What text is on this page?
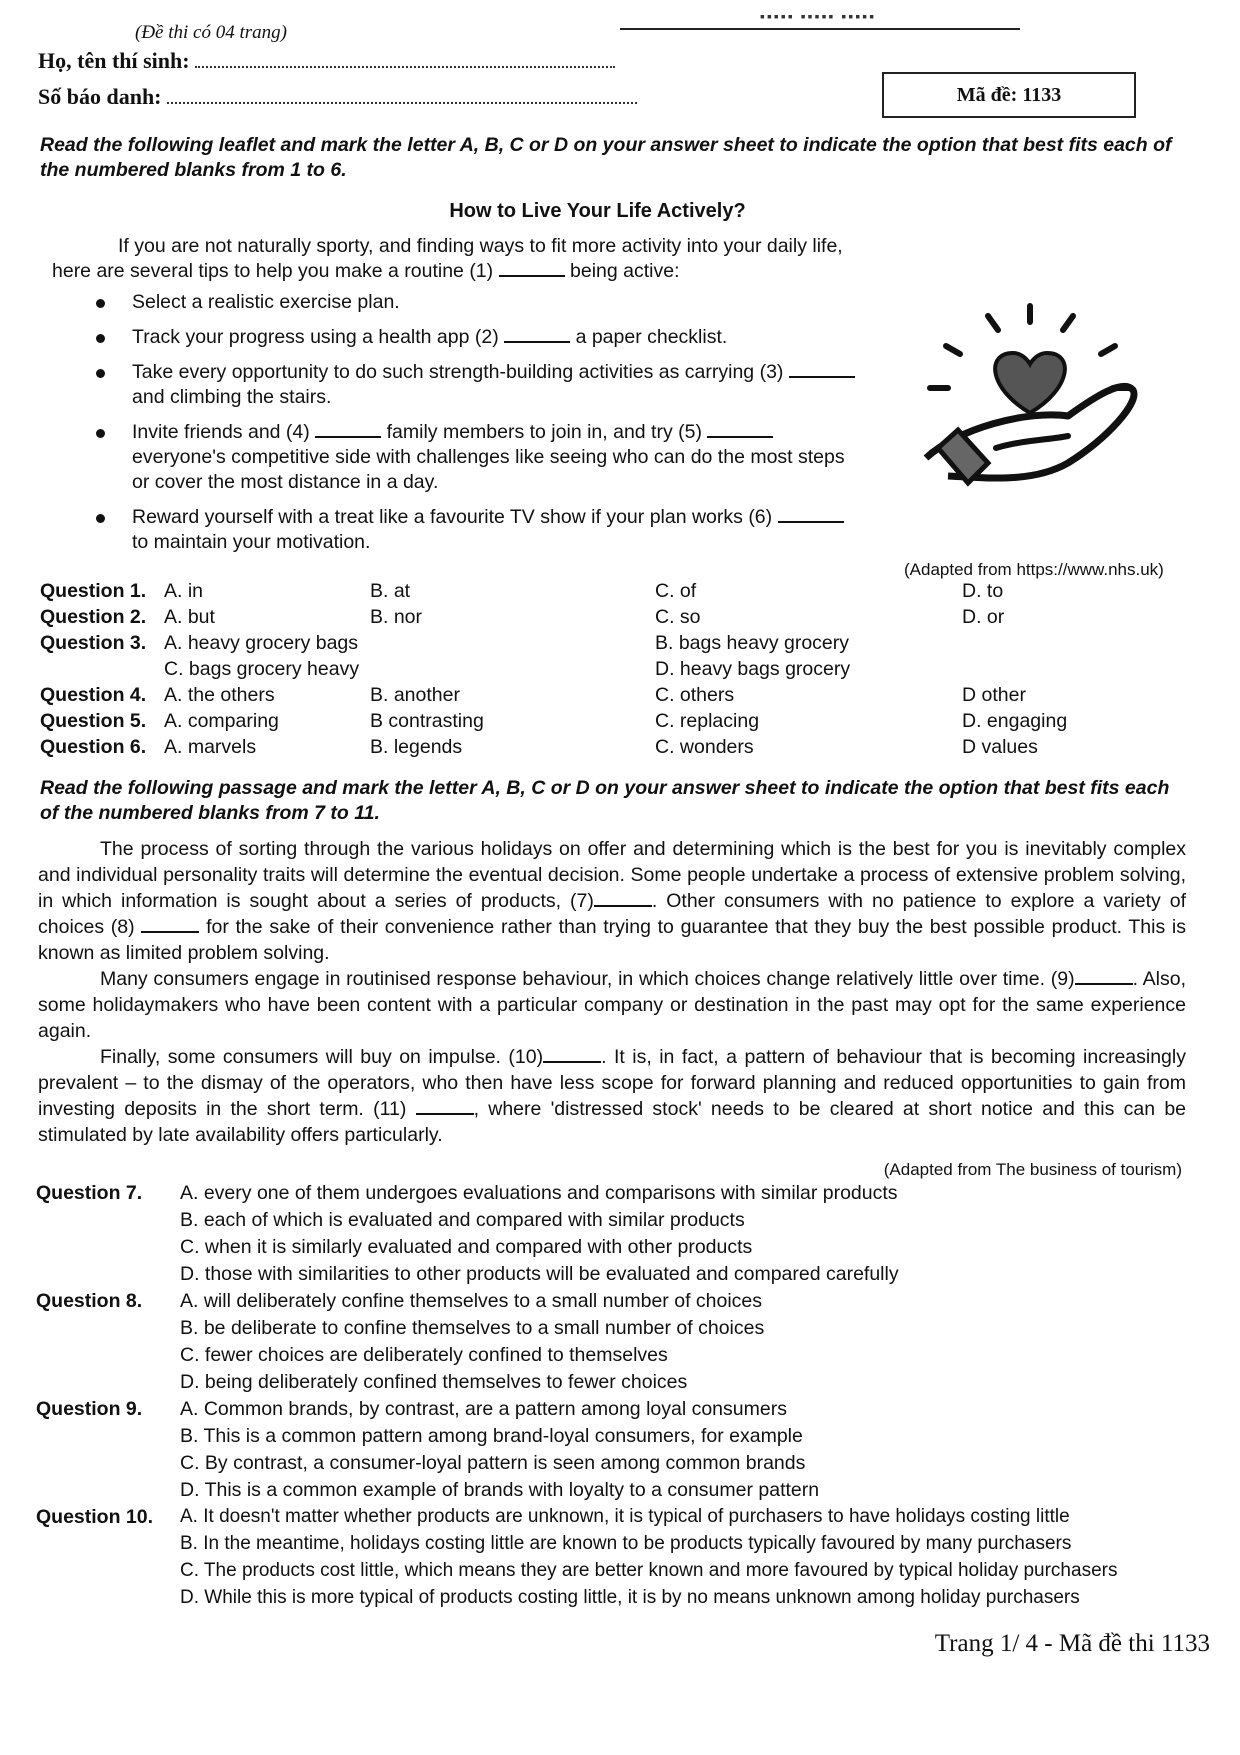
(Đề thi có 04 trang)
▪▪▪▪▪ ▪▪▪▪▪ ▪▪▪▪▪
Họ, tên thí sinh:
Số báo danh:	Mã đề: 1133
Read the following leaflet and mark the letter A, B, C or D on your answer sheet to indicate the option that best fits each of the numbered blanks from 1 to 6.
How to Live Your Life Actively?
If you are not naturally sporty, and finding ways to fit more activity into your daily life, here are several tips to help you make a routine (1)	being active:
Select a realistic exercise plan.
Track your progress using a health app (2)	a paper checklist.
Take every opportunity to do such strength-building activities as carrying (3)  and climbing the stairs.
Invite friends and (4)	family members to join in, and try (5)  everyone's competitive side with challenges like seeing who can do the most steps or cover the most distance in a day.
Reward yourself with a treat like a favourite TV show if your plan works (6)  to maintain your motivation.
(Adapted from https://www.nhs.uk)
Question 1. A. in	B. at	C. of	D. to
Question 2. A. but	B. nor	C. so	D. or
Question 3. A. heavy grocery bags	B. bags heavy grocery
C. bags grocery heavy	D. heavy bags grocery
Question 4. A. the others	B. another	C. others	D other
Question 5. A. comparing	B contrasting	C. replacing	D. engaging
Question 6. A. marvels	B. legends	C. wonders	D values
Read the following passage and mark the letter A, B, C or D on your answer sheet to indicate the option that best fits each of the numbered blanks from 7 to 11.

The process of sorting through the various holidays on offer and determining which is the best for you is inevitably complex and individual personality traits will determine the eventual decision. Some people undertake a process of extensive problem solving, in which information is sought about a series of products, (7)	. Other consumers with no patience to explore a variety of choices (8)	for the sake of their convenience rather than trying to guarantee that they buy the best possible product. This is known as limited problem solving.

Many consumers engage in routinised response behaviour, in which choices change relatively little over time. (9)	. Also, some holidaymakers who have been content with a particular company or destination in the past may opt for the same experience again.

Finally, some consumers will buy on impulse. (10)	. It is, in fact, a pattern of behaviour that is becoming increasingly prevalent – to the dismay of the operators, who then have less scope for forward planning and reduced opportunities to gain from investing deposits in the short term. (11)	, where 'distressed stock' needs to be cleared at short notice and this can be stimulated by late availability offers particularly.

(Adapted from The business of tourism)
Question 7. A. every one of them undergoes evaluations and comparisons with similar products
B. each of which is evaluated and compared with similar products
C. when it is similarly evaluated and compared with other products
D. those with similarities to other products will be evaluated and compared carefully
Question 8. A. will deliberately confine themselves to a small number of choices
B. be deliberate to confine themselves to a small number of choices
C. fewer choices are deliberately confined to themselves
D. being deliberately confined themselves to fewer choices
Question 9. A. Common brands, by contrast, are a pattern among loyal consumers
B. This is a common pattern among brand-loyal consumers, for example
C. By contrast, a consumer-loyal pattern is seen among common brands
D. This is a common example of brands with loyalty to a consumer pattern
Question 10. A. It doesn't matter whether products are unknown, it is typical of purchasers to have holidays costing little
B. In the meantime, holidays costing little are known to be products typically favoured by many purchasers
C. The products cost little, which means they are better known and more favoured by typical holiday purchasers
D. While this is more typical of products costing little, it is by no means unknown among holiday purchasers
Trang 1/ 4 - Mã đề thi 1133
